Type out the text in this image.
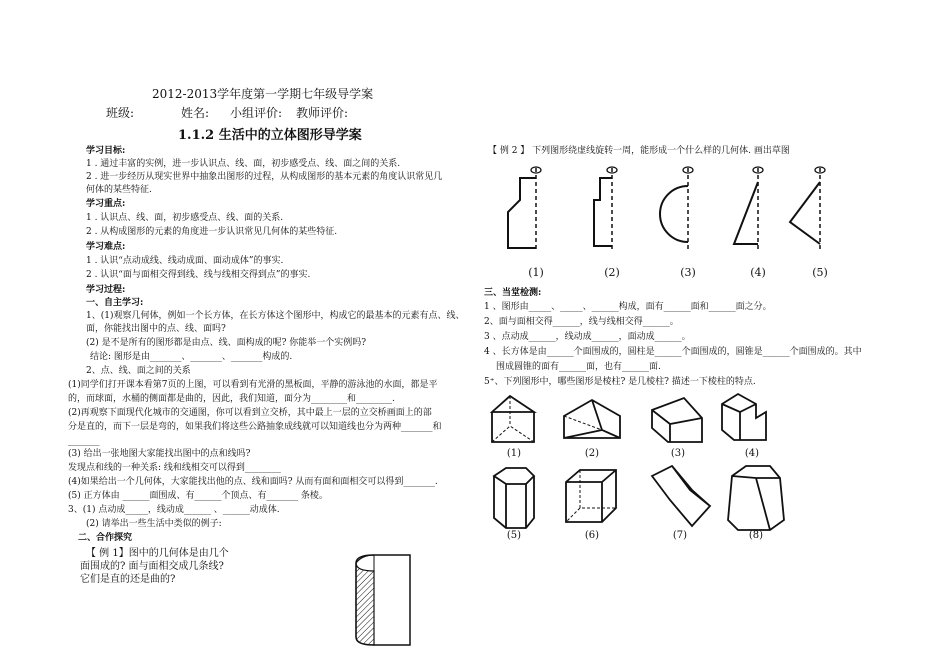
2012-2013学年度第一学期七年级导学案
班级:	姓名: 小组评价: 教师评价:
1.1.2 生活中的立体图形导学案
学习目标:
1 . 通过丰富的实例，进一步认识点、线、面，初步感受点、线、面之间的关系.
2 . 进一步经历从现实世界中抽象出图形的过程，从构成图形的基本元素的角度认识常见几
何体的某些特征.
学习重点:
1 . 认识点、线、面，初步感受点、线、面的关系.
2 . 从构成图形的元素的角度进一步认识常见几何体的某些特征.
学习难点:
1 . 认识“点动成线、线动成面、面动成体”的事实.
2 . 认识“面与面相交得到线、线与线相交得到点”的事实.
学习过程:
一、自主学习:
1、(1)观察几何体，例如一个长方体，在长方体这个图形中，构成它的最基本的元素有点、线、
面，你能找出图中的点、线、面吗?
(2) 是不是所有的图形都是由点、线、面构成的呢? 你能举一个实例吗?
结论: 图形是由_______、_______、_______构成的.
2、点、线、面之间的关系
(1)同学们打开课本看第7页的上图，可以看到有光滑的黑板面，平静的游泳池的水面，都是平
的，而球面，水桶的侧面都是曲的，因此，我们知道，面分为________和________.
(2)再观察下面现代化城市的交通图，你可以看到立交桥，其中最上一层的立交桥画面上的部
分是直的，而下一层是弯的，如果我们将这些公路抽象成线就可以知道线也分为两种_______和
_______
(3) 给出一张地图大家能找出图中的点和线吗?
发现点和线的一种关系: 线和线相交可以得到________
(4)如果给出一个几何体，大家能找出他的点、线和面吗? 从而有面和面相交可以得到_______.
(5) 正方体由 ______面围成、有______个顶点、有_______ 条棱。
3、(1) 点动成_____，线动成______ 、______动成体.
(2) 请举出一些生活中类似的例子:
二、合作探究
【 例 1】图中的几何体是由几个
面围成的? 面与面相交成几条线?
它们是直的还是曲的?
【 例 2 】 下列图形绕虚线旋转一周，能形成一个什么样的几何体. 画出草图
(1)	(2)	(3)	(4)	(5)
三、当堂检测:
1 、图形由_____、_____、______构成，面有______面和______面之分。
2、面与面相交得______，线与线相交得______。
3 、点动成______，线动成______，面动成______。
4 、长方体是由______个面围成的，圆柱是______个面围成的，圆锥是______个面围成的。其中
围成圆锥的面有______面，也有______面.
5⁺、下列图形中，哪些图形是棱柱? 是几棱柱? 描述一下棱柱的特点.
(1)	(2)	(3)	(4)
(5)	(6)	(7)	(8)
